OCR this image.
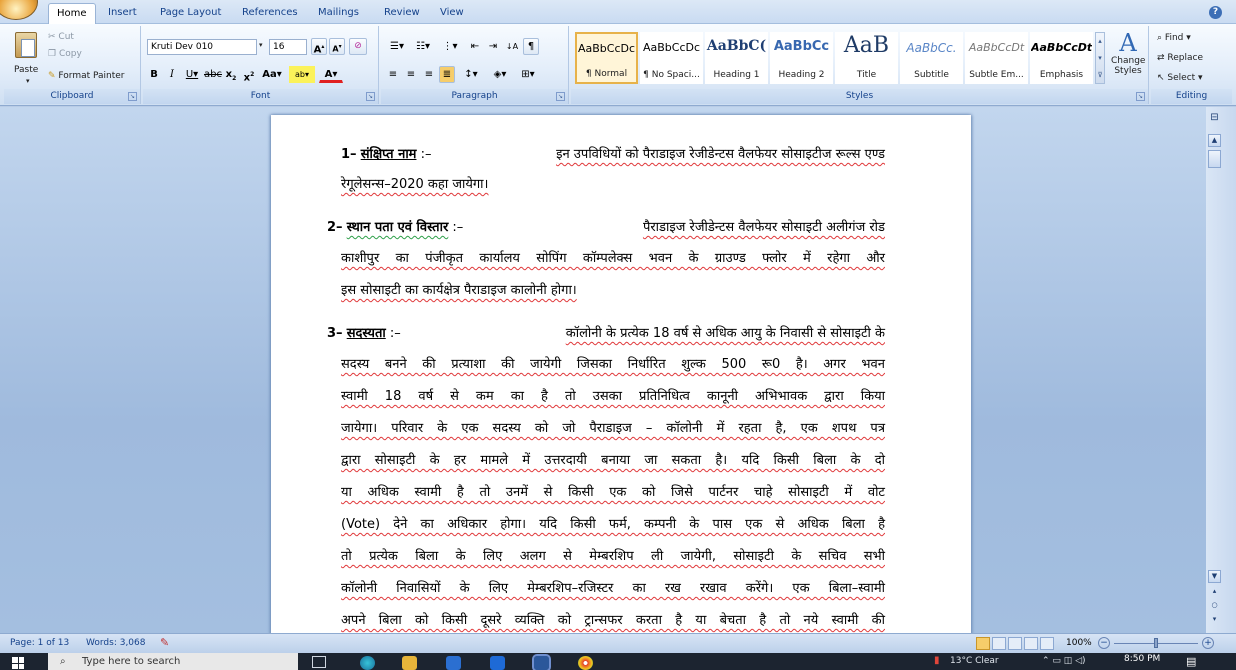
Home	Insert	Page Layout	References	Mailings	Review	View	?
Paste
▾
✂ Cut
❐ Copy
✎ Format Painter
Clipboard	↘
Kruti Dev 010	▾	16	A▴	A▾	⊘
B	I	U▾ abc $x_2$ $x^2$ Aa▾	ab▾	A▾
Font	↘
☰▾	☷▾	⋮▾	⇤ ⇥	↓A ¶
≡ ≡ ≡ ≣	↕▾	◈▾	⊞▾
Paragraph	↘
AaBbCcDc
¶ Normal
AaBbCcDc
¶ No Spaci...
AaBbC(
Heading 1
AaBbCc
Heading 2
AaB
Title
AaBbCc.
Subtitle
AaBbCcDt
Subtle Em...
AaBbCcDt
Emphasis
▴
▾
⊽
A
Change Styles
Styles	↘
⌕ Find ▾
⇄ Replace
↖ Select ▾
Editing
1– संक्षिप्त नाम :–	इन उपविधियों को पैराडाइज रेजीडेन्टस वैलफेयर सोसाइटीज रूल्स एण्ड
रेगूलेसन्स–2020 कहा जायेगा।
2– स्थान पता एवं विस्तार :–	पैराडाइज रेजीडेन्टस वैलफेयर सोसाइटी अलीगंज रोड
काशीपुर का पंजीकृत कार्यालय सोपिंग कॉम्पलेक्स भवन के ग्राउण्ड फ्लोर में रहेगा और
इस सोसाइटी का कार्यक्षेत्र पैराडाइज कालोनी होगा।
3– सदस्यता :–	कॉलोनी के प्रत्येक 18 वर्ष से अधिक आयु के निवासी से सोसाइटी के
सदस्य बनने की प्रत्याशा की जायेगी जिसका निर्धारित शुल्क 500 रू0 है। अगर भवन
स्वामी 18 वर्ष से कम का है तो उसका प्रतिनिधित्व कानूनी अभिभावक द्वारा किया
जायेगा। परिवार के एक सदस्य को जो पैराडाइज – कॉलोनी में रहता है, एक शपथ पत्र
द्वारा सोसाइटी के हर मामले में उत्तरदायी बनाया जा सकता है। यदि किसी बिला के दो
या अधिक स्वामी है तो उनमें से किसी एक को जिसे पार्टनर चाहे सोसाइटी में वोट
(Vote) देने का अधिकार होगा। यदि किसी फर्म, कम्पनी के पास एक से अधिक बिला है
तो प्रत्येक बिला के लिए अलग से मेम्बरशिप ली जायेगी, सोसाइटी के सचिव सभी
कॉलोनी निवासियों के लिए मेम्बरशिप–रजिस्टर का रख रखाव करेंगे। एक बिला–स्वामी
अपने बिला को किसी दूसरे व्यक्ति को ट्रान्सफर करता है या बेचता है तो नये स्वामी की
⊟
▲
▼
▴
○
▾
Page: 1 of 13 Words: 3,068 ✎	100% −	+
⌕ Type here to search	▮ 13°C Clear	⌃ ▭ ◫ ◁)	8:50 PM ▤
